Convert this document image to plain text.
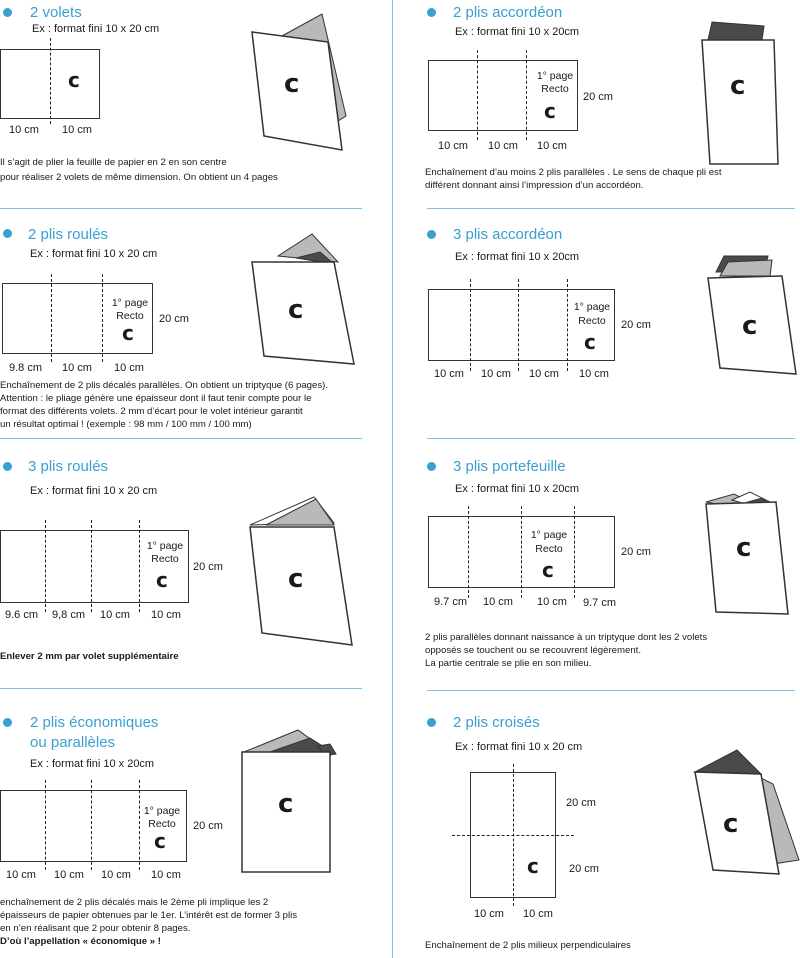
2 volets
Ex : format fini 10 x 20 cm
c
10 cm 10 cm
c
Il s’agit de plier la feuille de papier en 2 en son centre
pour réaliser 2 volets de même dimension. On obtient un 4 pages
2 plis roulés
Ex : format fini 10 x 20 cm
1° page
Recto
c
20 cm
9.8 cm 10 cm 10 cm
c
Enchaînement de 2 plis décalés parallèles. On obtient un triptyque (6 pages).
Attention : le pliage génère une épaisseur dont il faut tenir compte pour le
format des différents volets. 2 mm d’écart pour le volet intérieur garantit
un résultat optimal ! (exemple : 98 mm / 100 mm / 100 mm)
3 plis roulés
Ex : format fini 10 x 20 cm
1° page
Recto
c
20 cm
9.6 cm 9,8 cm 10 cm 10 cm
c
Enlever 2 mm par volet supplémentaire
2 plis économiques
ou parallèles
Ex : format fini 10 x 20cm
1° page
Recto
c
20 cm
10 cm 10 cm 10 cm 10 cm
c
enchaînement de 2 plis décalés mais le 2ème pli implique les 2
épaisseurs de papier obtenues par le 1er. L’intérêt est de former 3 plis
en n’en réalisant que 2 pour obtenir 8 pages.
D’où l’appellation « économique » !
2 plis accordéon
Ex : format fini 10 x 20cm
1° page
Recto
c
20 cm
10 cm 10 cm 10 cm
c
Enchaînement d’au moins 2 plis parallèles . Le sens de chaque pli est
différent donnant ainsi l’impression d’un accordéon.
3 plis accordéon
Ex : format fini 10 x 20cm
1° page
Recto
c
20 cm
10 cm 10 cm 10 cm 10 cm
c
3 plis portefeuille
Ex : format fini 10 x 20cm
1° page
Recto
c
20 cm
9.7 cm 10 cm 10 cm 9.7 cm
c
2 plis parallèles donnant naissance à un triptyque dont les 2 volets
opposés se touchent ou se recouvrent légèrement.
La partie centrale se plie en son milieu.
2 plis croisés
Ex : format fini 10 x 20 cm
c
20 cm
20 cm
10 cm 10 cm
c
Enchaînement de 2 plis milieux perpendiculaires
